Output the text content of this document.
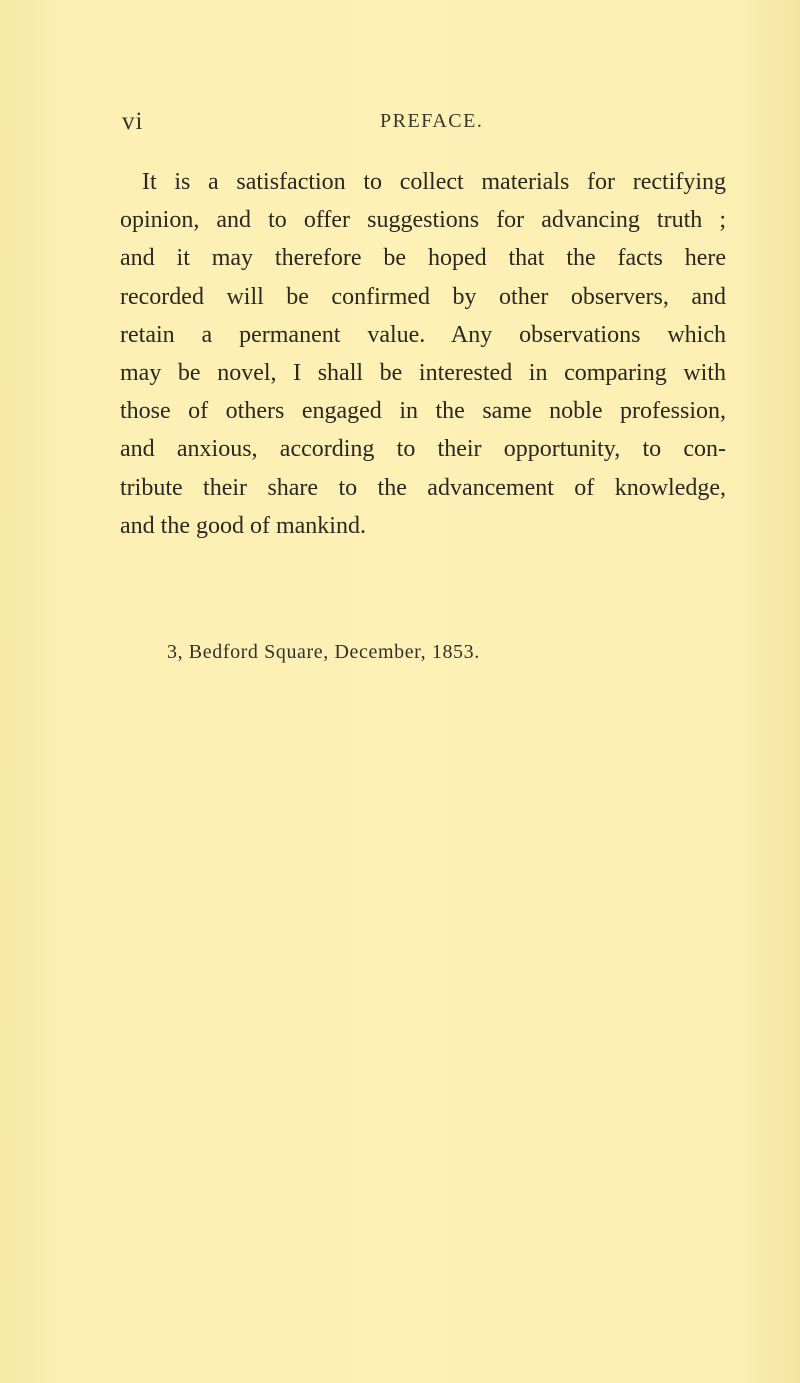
vi	PREFACE.
It is a satisfaction to collect materials for rectifying
opinion, and to offer suggestions for advancing truth ;
and it may therefore be hoped that the facts here
recorded will be confirmed by other observers, and
retain a permanent value. Any observations which
may be novel, I shall be interested in comparing with
those of others engaged in the same noble profession,
and anxious, according to their opportunity, to con-
tribute their share to the advancement of knowledge,
and the good of mankind.
3, Bedford Square, December, 1853.
